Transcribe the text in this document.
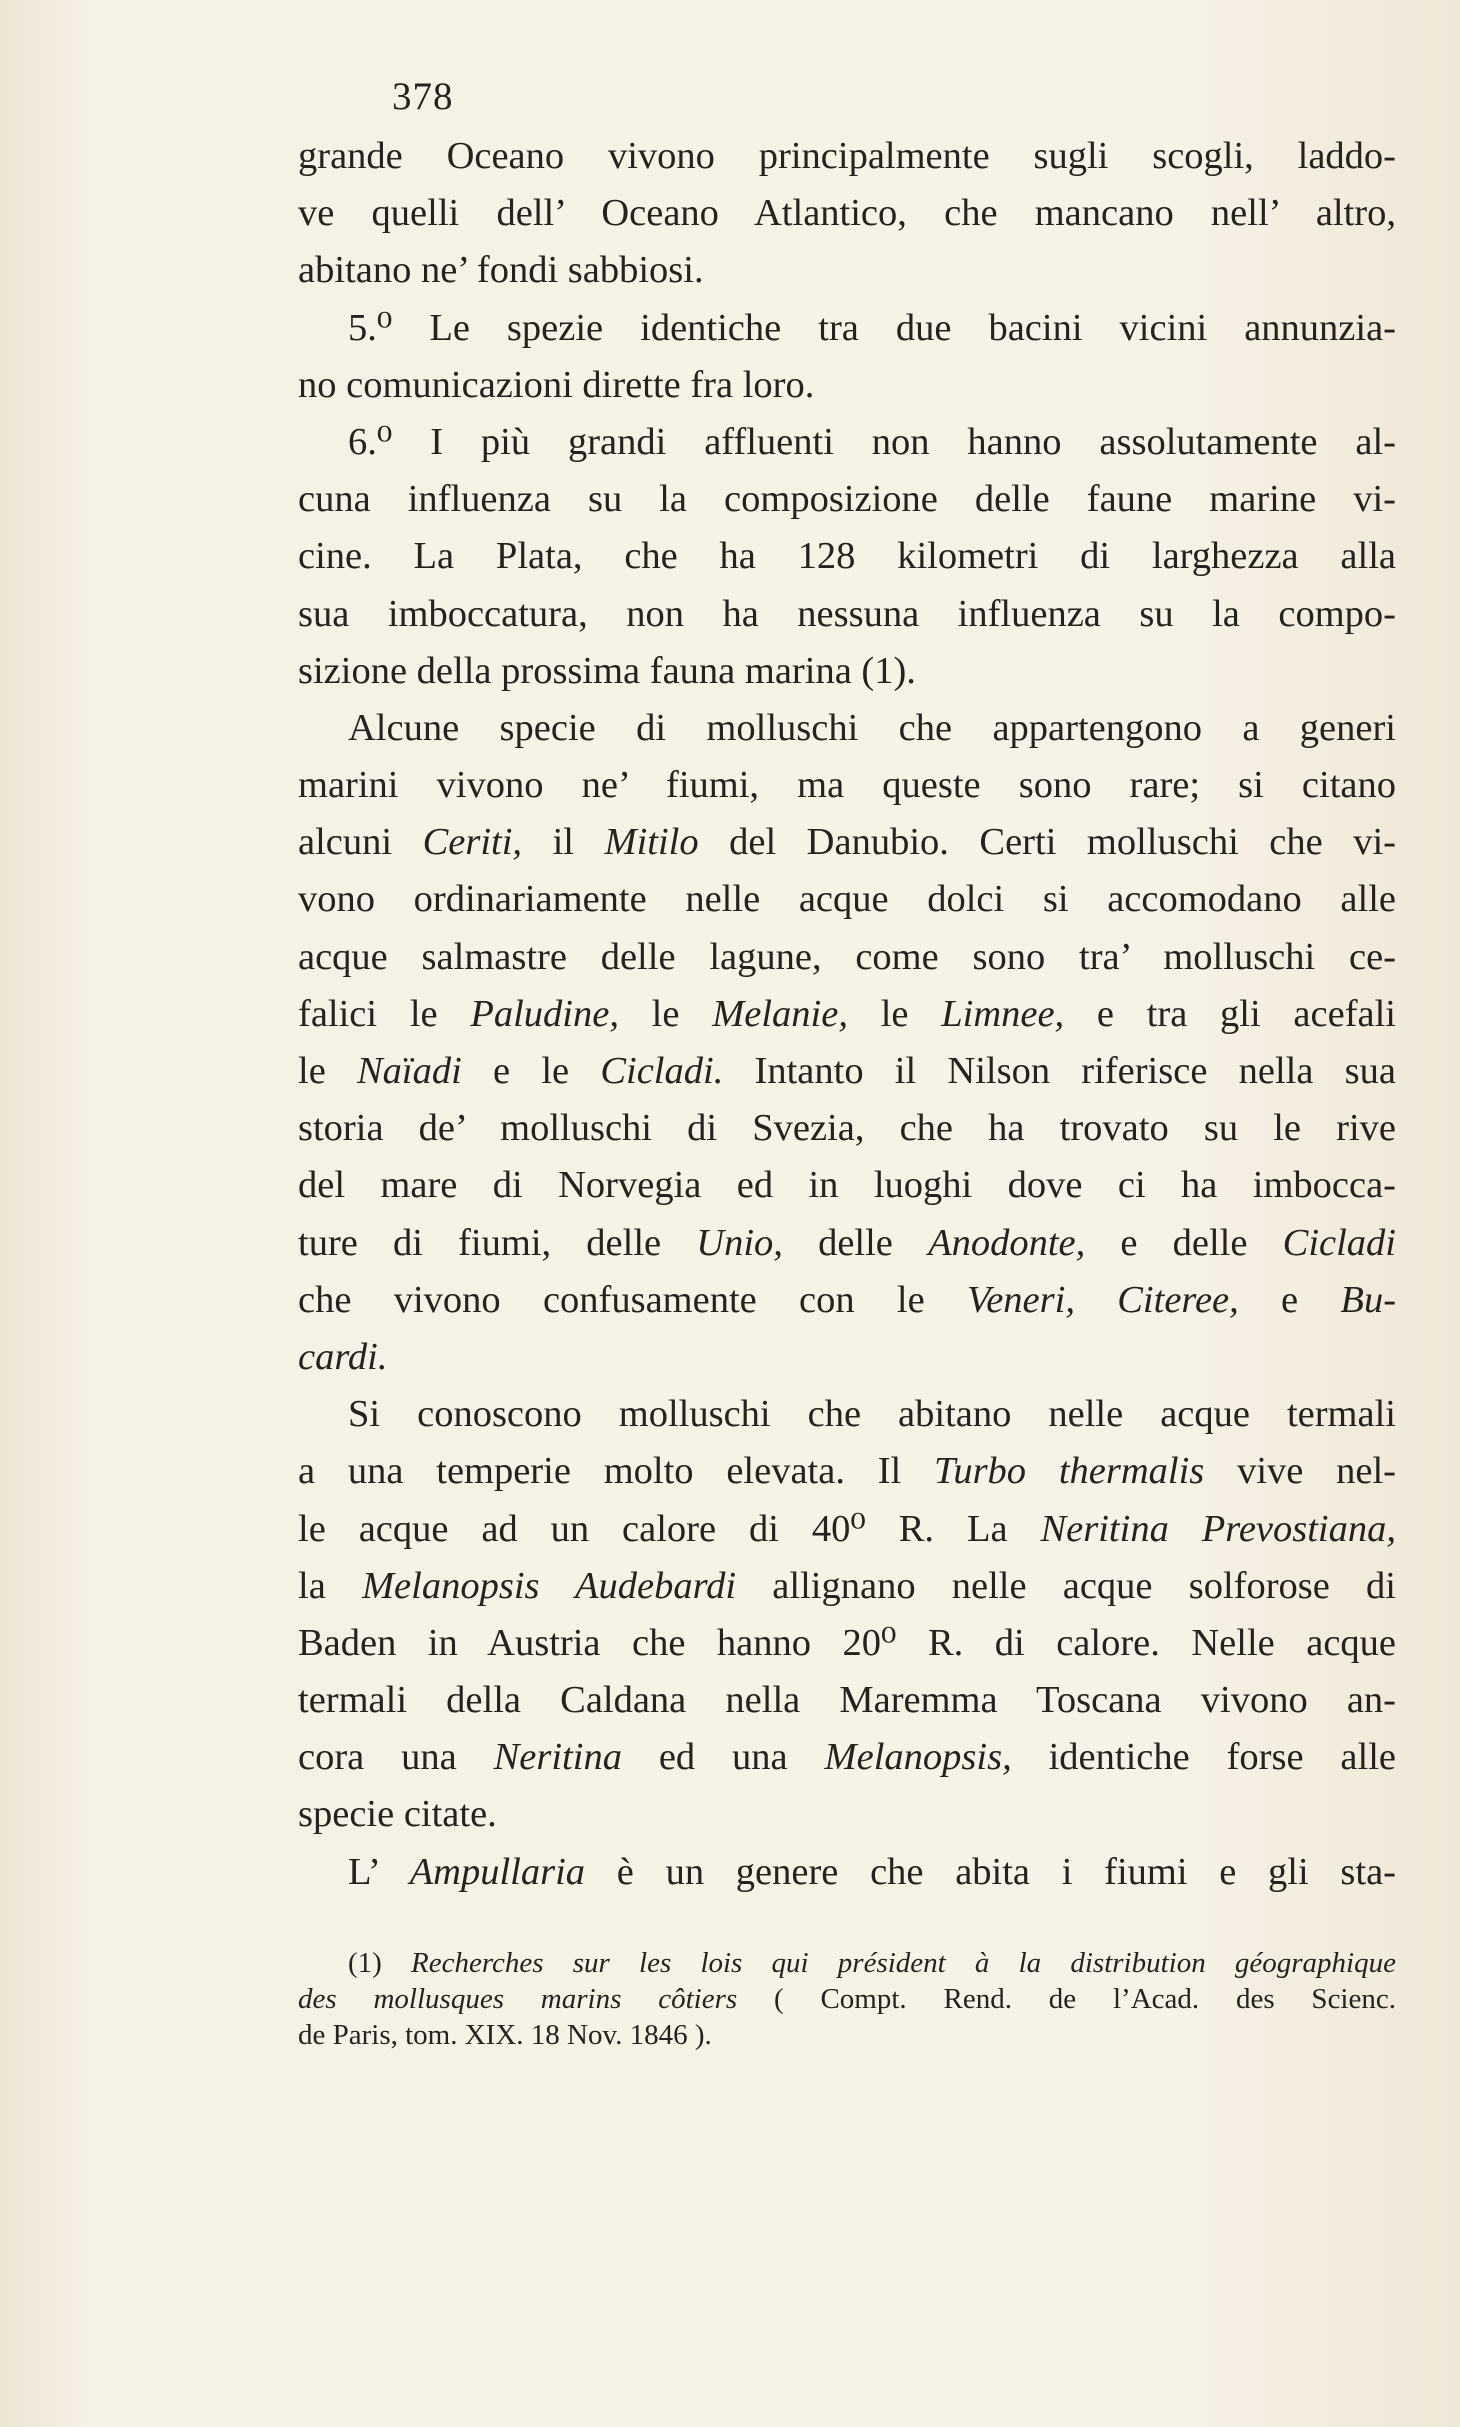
378
grande Oceano vivono principalmente sugli scogli, laddo-
ve quelli dell’ Oceano Atlantico, che mancano nell’ altro,
abitano ne’ fondi sabbiosi.
5.⁰ Le spezie identiche tra due bacini vicini annunzia-
no comunicazioni dirette fra loro.
6.⁰ I più grandi affluenti non hanno assolutamente al-
cuna influenza su la composizione delle faune marine vi-
cine. La Plata, che ha 128 kilometri di larghezza alla
sua imboccatura, non ha nessuna influenza su la compo-
sizione della prossima fauna marina (1).
Alcune specie di molluschi che appartengono a generi
marini vivono ne’ fiumi, ma queste sono rare; si citano
alcuni Ceriti, il Mitilo del Danubio. Certi molluschi che vi-
vono ordinariamente nelle acque dolci si accomodano alle
acque salmastre delle lagune, come sono tra’ molluschi ce-
falici le Paludine, le Melanie, le Limnee, e tra gli acefali
le Naïadi e le Cicladi. Intanto il Nilson riferisce nella sua
storia de’ molluschi di Svezia, che ha trovato su le rive
del mare di Norvegia ed in luoghi dove ci ha imbocca-
ture di fiumi, delle Unio, delle Anodonte, e delle Cicladi
che vivono confusamente con le Veneri, Citeree, e Bu-
cardi.
Si conoscono molluschi che abitano nelle acque termali
a una temperie molto elevata. Il Turbo thermalis vive nel-
le acque ad un calore di 40⁰ R. La Neritina Prevostiana,
la Melanopsis Audebardi allignano nelle acque solforose di
Baden in Austria che hanno 20⁰ R. di calore. Nelle acque
termali della Caldana nella Maremma Toscana vivono an-
cora una Neritina ed una Melanopsis, identiche forse alle
specie citate.
L’ Ampullaria è un genere che abita i fiumi e gli sta-
(1) Recherches sur les lois qui président à la distribution géographique
des mollusques marins côtiers ( Compt. Rend. de l’Acad. des Scienc.
de Paris, tom. XIX. 18 Nov. 1846 ).
